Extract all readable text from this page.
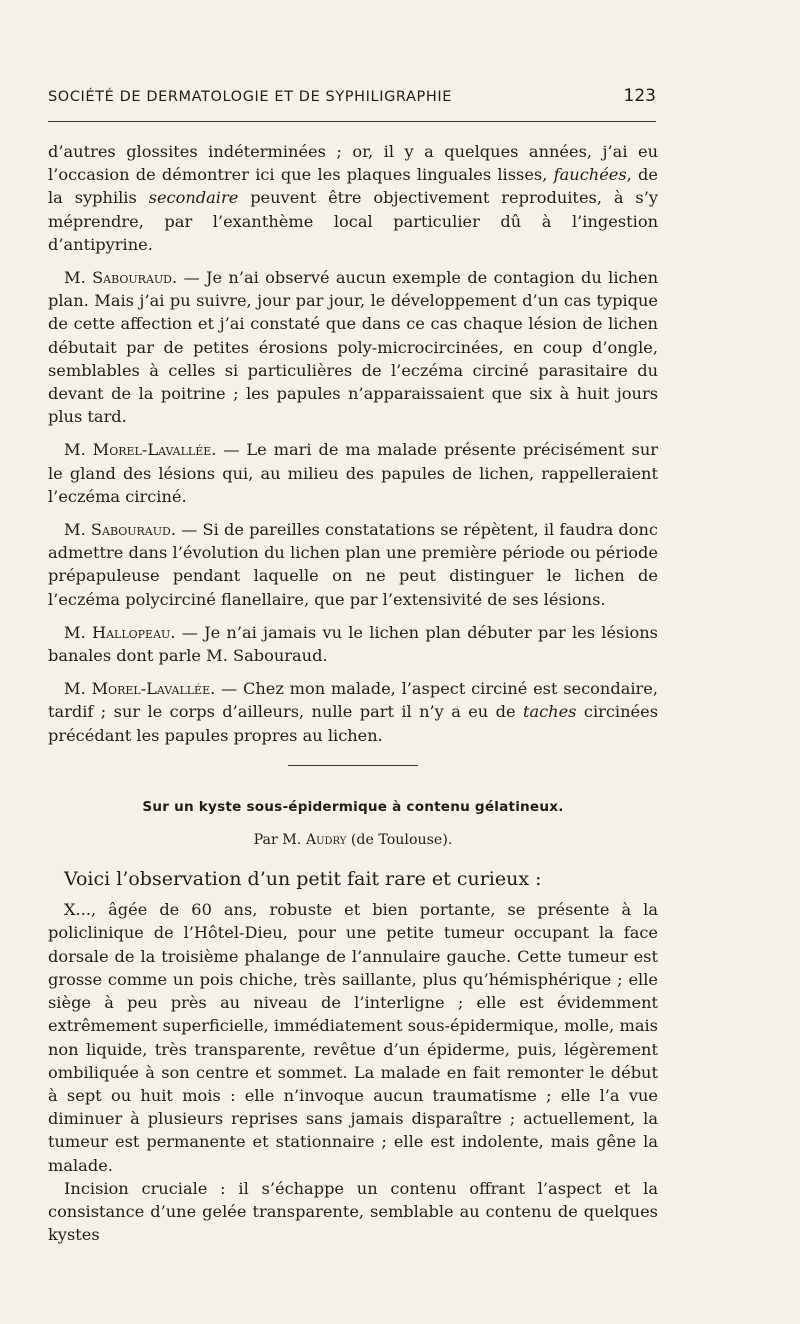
SOCIÉTÉ DE DERMATOLOGIE ET DE SYPHILIGRAPHIE	123

d’autres glossites indéterminées ; or, il y a quelques années, j’ai eu l’occasion de démontrer ici que les plaques linguales lisses, fauchées, de la syphilis secondaire peuvent être objectivement reproduites, à s’y méprendre, par l’exanthème local particulier dû à l’ingestion d’antipyrine.

M. Sabouraud. — Je n’ai observé aucun exemple de contagion du lichen plan. Mais j’ai pu suivre, jour par jour, le développement d’un cas typique de cette affection et j’ai constaté que dans ce cas chaque lésion de lichen débutait par de petites érosions poly-microcircinées, en coup d’ongle, semblables à celles si particulières de l’eczéma circiné parasitaire du devant de la poitrine ; les papules n’apparaissaient que six à huit jours plus tard.

M. Morel-Lavallée. — Le mari de ma malade présente précisément sur le gland des lésions qui, au milieu des papules de lichen, rappelleraient l’eczéma circiné.

M. Sabouraud. — Si de pareilles constatations se répètent, il faudra donc admettre dans l’évolution du lichen plan une première période ou période prépapuleuse pendant laquelle on ne peut distinguer le lichen de l’eczéma polycirciné flanellaire, que par l’extensivité de ses lésions.

M. Hallopeau. — Je n’ai jamais vu le lichen plan débuter par les lésions banales dont parle M. Sabouraud.

M. Morel-Lavallée. — Chez mon malade, l’aspect circiné est secondaire, tardif ; sur le corps d’ailleurs, nulle part il n’y a eu de taches circinées précédant les papules propres au lichen.

Sur un kyste sous-épidermique à contenu gélatineux.
Par M. Audry (de Toulouse).

Voici l’observation d’un petit fait rare et curieux :

X..., âgée de 60 ans, robuste et bien portante, se présente à la policlinique de l’Hôtel-Dieu, pour une petite tumeur occupant la face dorsale de la troisième phalange de l’annulaire gauche. Cette tumeur est grosse comme un pois chiche, très saillante, plus qu’hémisphérique ; elle siège à peu près au niveau de l’interligne ; elle est évidemment extrêmement superficielle, immédiatement sous-épidermique, molle, mais non liquide, très transparente, revêtue d’un épiderme, puis, légèrement ombiliquée à son centre et sommet. La malade en fait remonter le début à sept ou huit mois : elle n’invoque aucun traumatisme ; elle l’a vue diminuer à plusieurs reprises sans jamais disparaître ; actuellement, la tumeur est permanente et stationnaire ; elle est indolente, mais gêne la malade.

Incision cruciale : il s’échappe un contenu offrant l’aspect et la consistance d’une gelée transparente, semblable au contenu de quelques kystes
